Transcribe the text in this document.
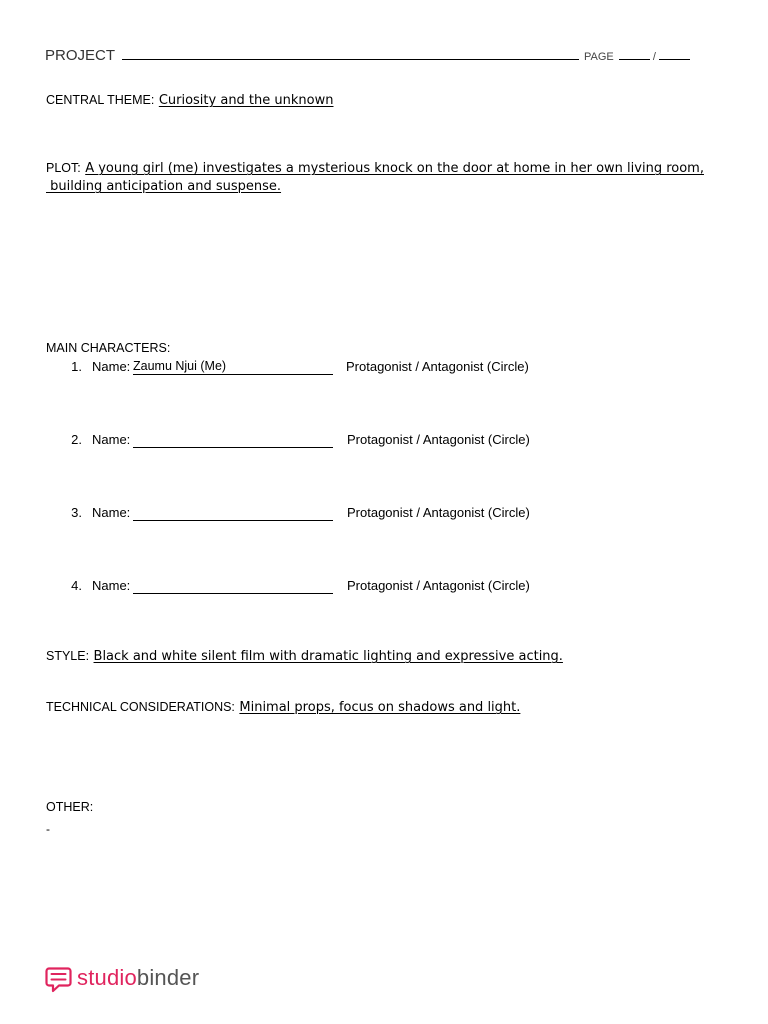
PROJECT	PAGE	/
CENTRAL THEME: Curiosity and the unknown
PLOT: A young girl (me) investigates a mysterious knock on the door at home in her own living room,
building anticipation and suspense.
MAIN CHARACTERS:
1. Name: Zaumu Njui (Me)	Protagonist / Antagonist (Circle)
2. Name:	Protagonist / Antagonist (Circle)
3. Name:	Protagonist / Antagonist (Circle)
4. Name:	Protagonist / Antagonist (Circle)
STYLE: Black and white silent film with dramatic lighting and expressive acting.
TECHNICAL CONSIDERATIONS: Minimal props, focus on shadows and light.
OTHER:
-
studiobinder
